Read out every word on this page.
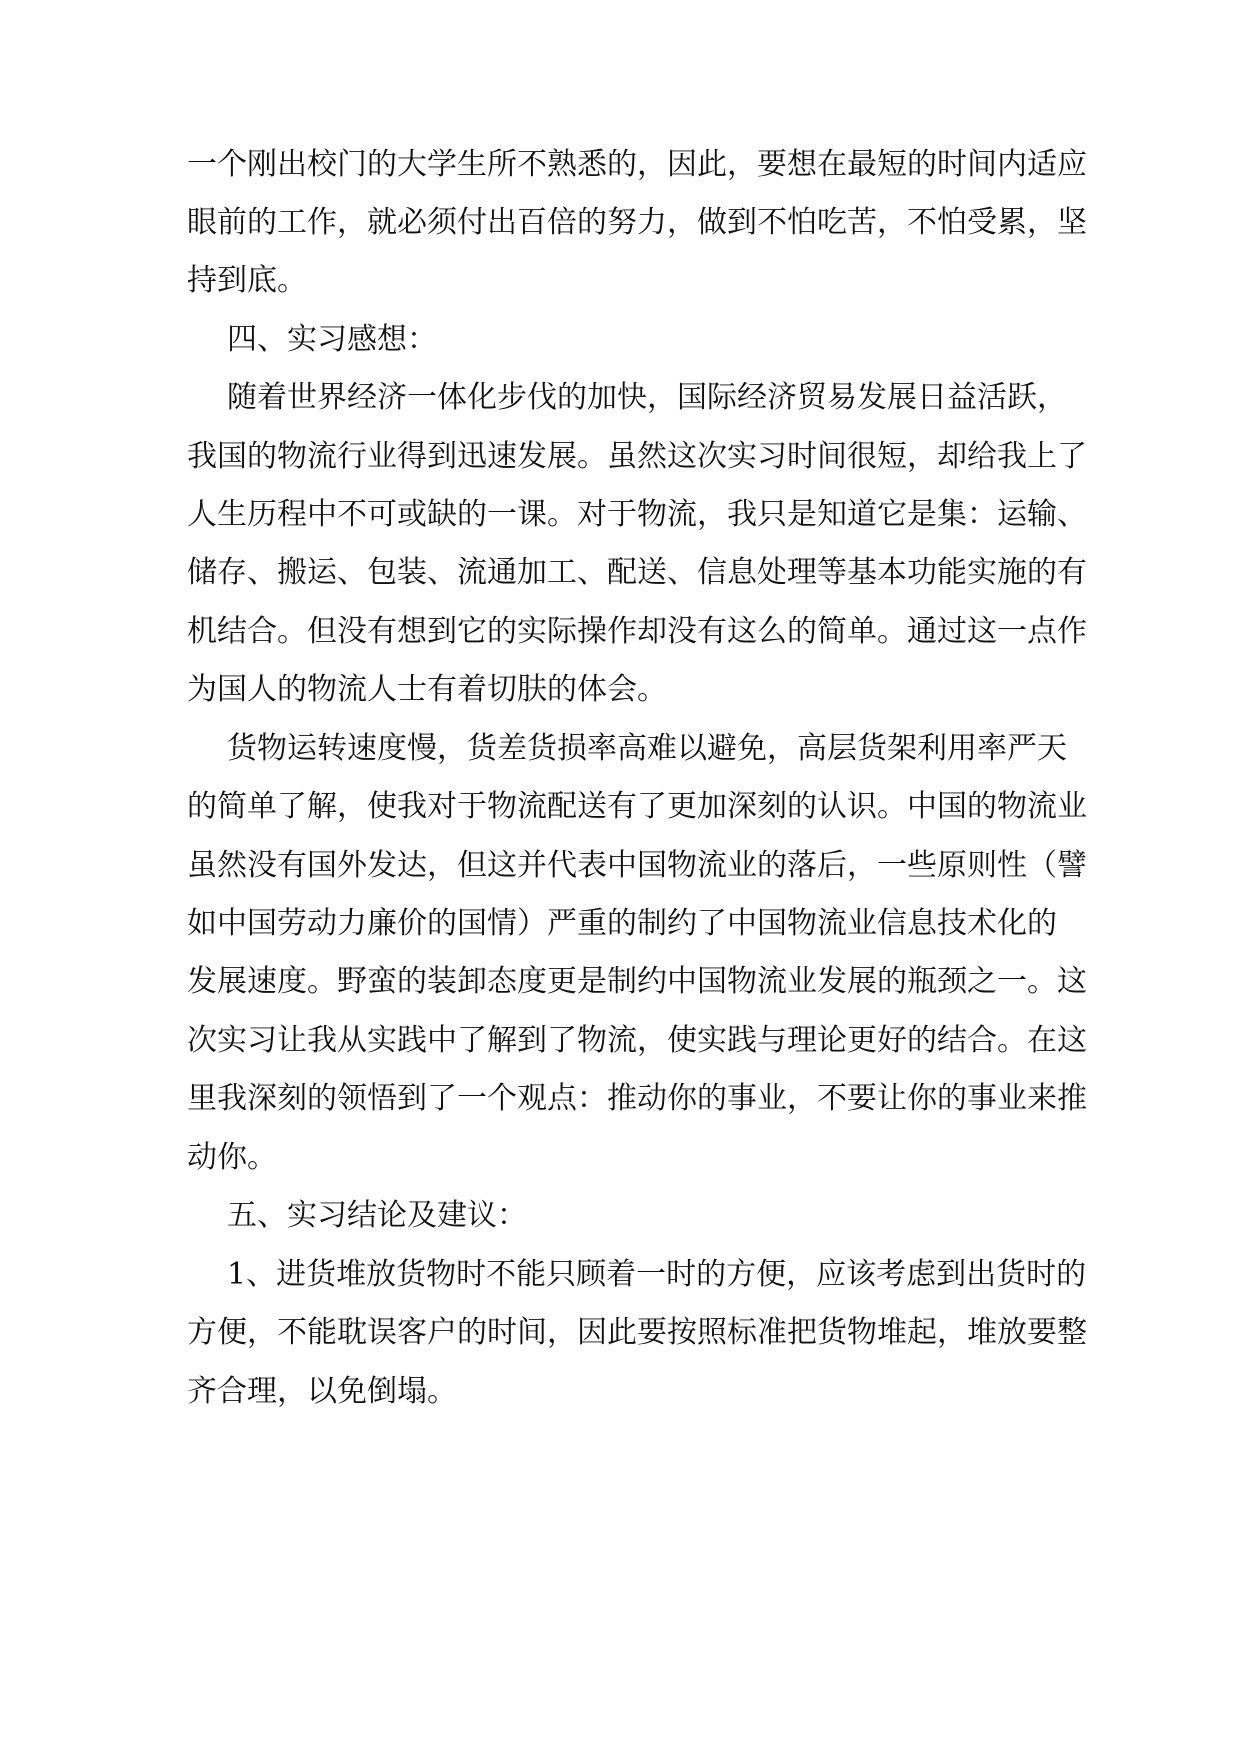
一个刚出校门的大学生所不熟悉的，因此，要想在最短的时间内适应
眼前的工作，就必须付出百倍的努力，做到不怕吃苦，不怕受累，坚
持到底。
四、实习感想：
随着世界经济一体化步伐的加快，国际经济贸易发展日益活跃，
我国的物流行业得到迅速发展。虽然这次实习时间很短，却给我上了
人生历程中不可或缺的一课。对于物流，我只是知道它是集：运输、
储存、搬运、包装、流通加工、配送、信息处理等基本功能实施的有
机结合。但没有想到它的实际操作却没有这么的简单。通过这一点作
为国人的物流人士有着切肤的体会。
货物运转速度慢，货差货损率高难以避免，高层货架利用率严天
的简单了解，使我对于物流配送有了更加深刻的认识。中国的物流业
虽然没有国外发达，但这并代表中国物流业的落后，一些原则性（譬
如中国劳动力廉价的国情）严重的制约了中国物流业信息技术化的
发展速度。野蛮的装卸态度更是制约中国物流业发展的瓶颈之一。这
次实习让我从实践中了解到了物流，使实践与理论更好的结合。在这
里我深刻的领悟到了一个观点：推动你的事业，不要让你的事业来推
动你。
五、实习结论及建议：
1、进货堆放货物时不能只顾着一时的方便，应该考虑到出货时的
方便，不能耽误客户的时间，因此要按照标准把货物堆起，堆放要整
齐合理，以免倒塌。
